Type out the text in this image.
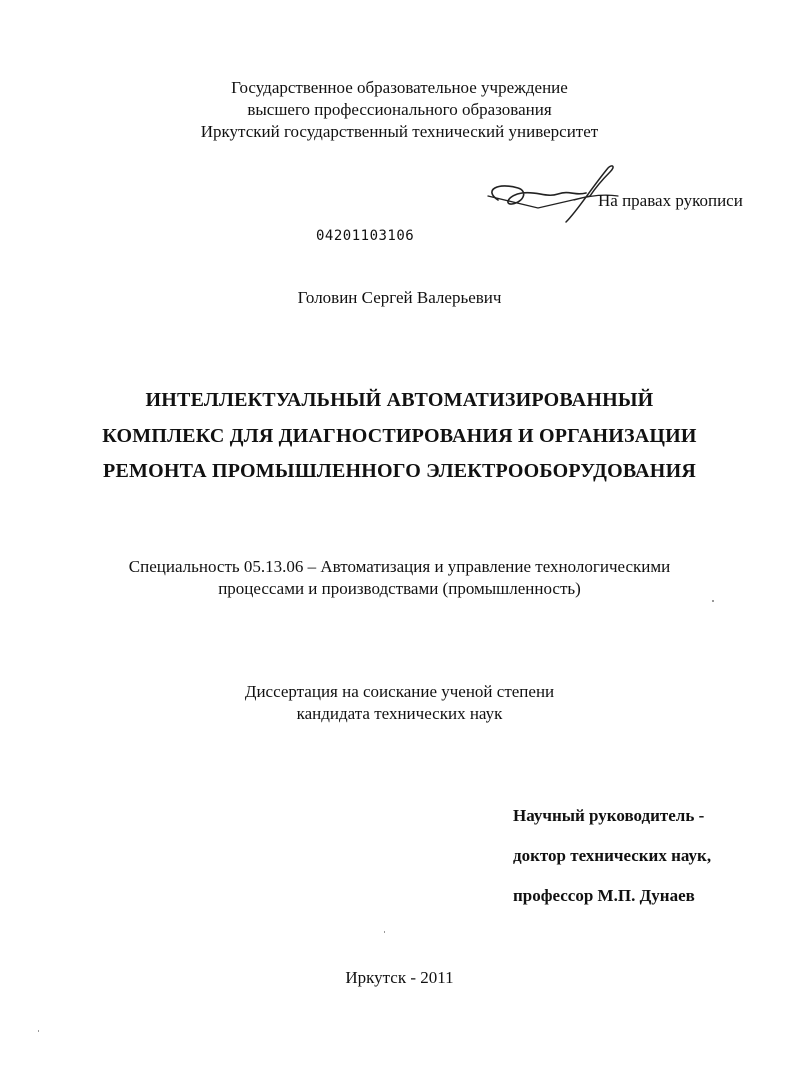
Государственное образовательное учреждение
высшего профессионального образования
Иркутский государственный технический университет
На правах рукописи
04201103106
Головин Сергей Валерьевич
ИНТЕЛЛЕКТУАЛЬНЫЙ АВТОМАТИЗИРОВАННЫЙ
КОМПЛЕКС ДЛЯ ДИАГНОСТИРОВАНИЯ И ОРГАНИЗАЦИИ
РЕМОНТА ПРОМЫШЛЕННОГО ЭЛЕКТРООБОРУДОВАНИЯ
Специальность 05.13.06 – Автоматизация и управление технологическими
процессами и производствами (промышленность)
Диссертация на соискание ученой степени
кандидата технических наук
Научный руководитель -
доктор технических наук,
профессор М.П. Дунаев
Иркутск - 2011
